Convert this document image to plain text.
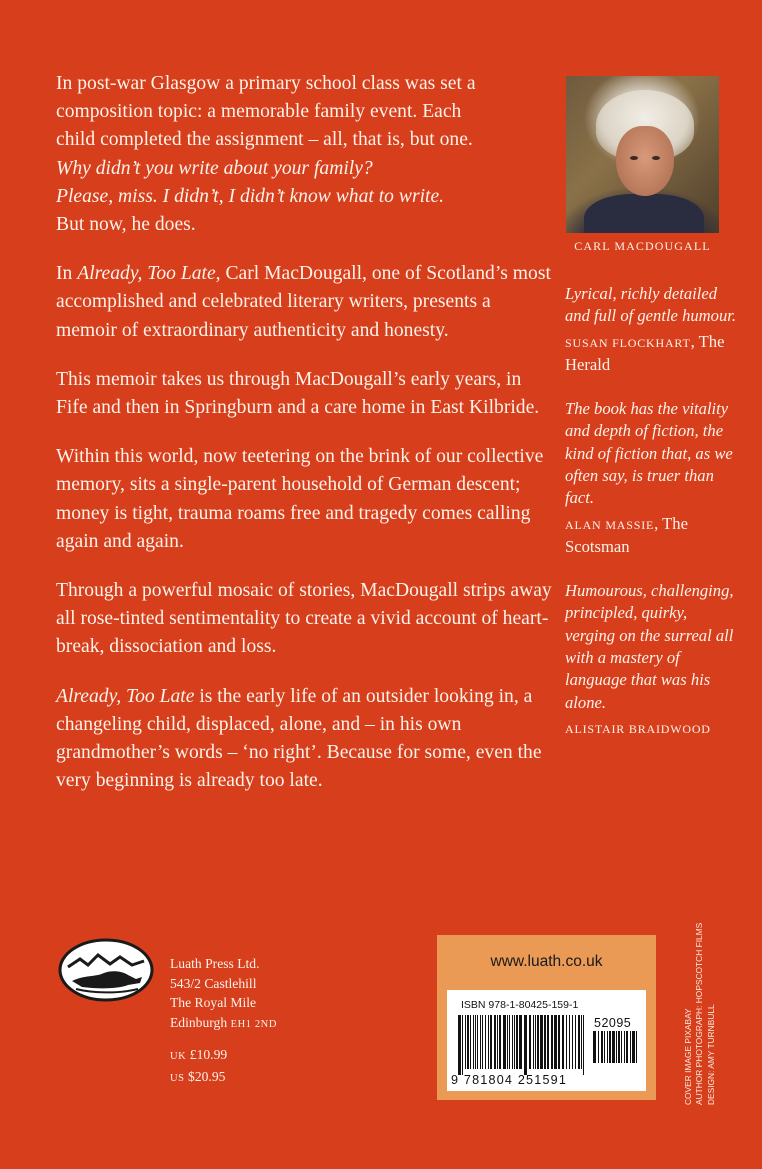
In post-war Glasgow a primary school class was set a
composition topic: a memorable family event. Each
child completed the assignment – all, that is, but one.
Why didn’t you write about your family?
Please, miss. I didn’t, I didn’t know what to write.
But now, he does.

In Already, Too Late, Carl MacDougall, one of Scotland’s most accomplished and celebrated literary writers, presents a memoir of extraordinary authenticity and honesty.

This memoir takes us through MacDougall’s early years, in Fife and then in Springburn and a care home in East Kilbride.

Within this world, now teetering on the brink of our collective memory, sits a single-parent household of German descent; money is tight, trauma roams free and tragedy comes calling again and again.

Through a powerful mosaic of stories, MacDougall strips away all rose-tinted sentimentality to create a vivid account of heart-break, dissociation and loss.

Already, Too Late is the early life of an outsider looking in, a changeling child, displaced, alone, and – in his own grandmother’s words – ‘no right’. Because for some, even the very beginning is already too late.

CARL MACDOUGALL

Lyrical, richly detailed and full of gentle humour.

SUSAN FLOCKHART, The Herald

The book has the vitality and depth of fiction, the kind of fiction that, as we often say, is truer than fact.

ALAN MASSIE, The Scotsman

Humourous, challenging, principled, quirky, verging on the surreal all with a mastery of language that was his alone.

ALISTAIR BRAIDWOOD
Luath Press Ltd.
543/2 Castlehill
The Royal Mile
Edinburgh EH1 2ND
UK £10.99
US $20.95
www.luath.co.uk
ISBN 978-1-80425-159-1
52095
9 781804 251591	COVER IMAGE PIXABAY AUTHOR PHOTOGRAPH: HOPSCOTCH FILMS DESIGN: AMY TURNBULL
